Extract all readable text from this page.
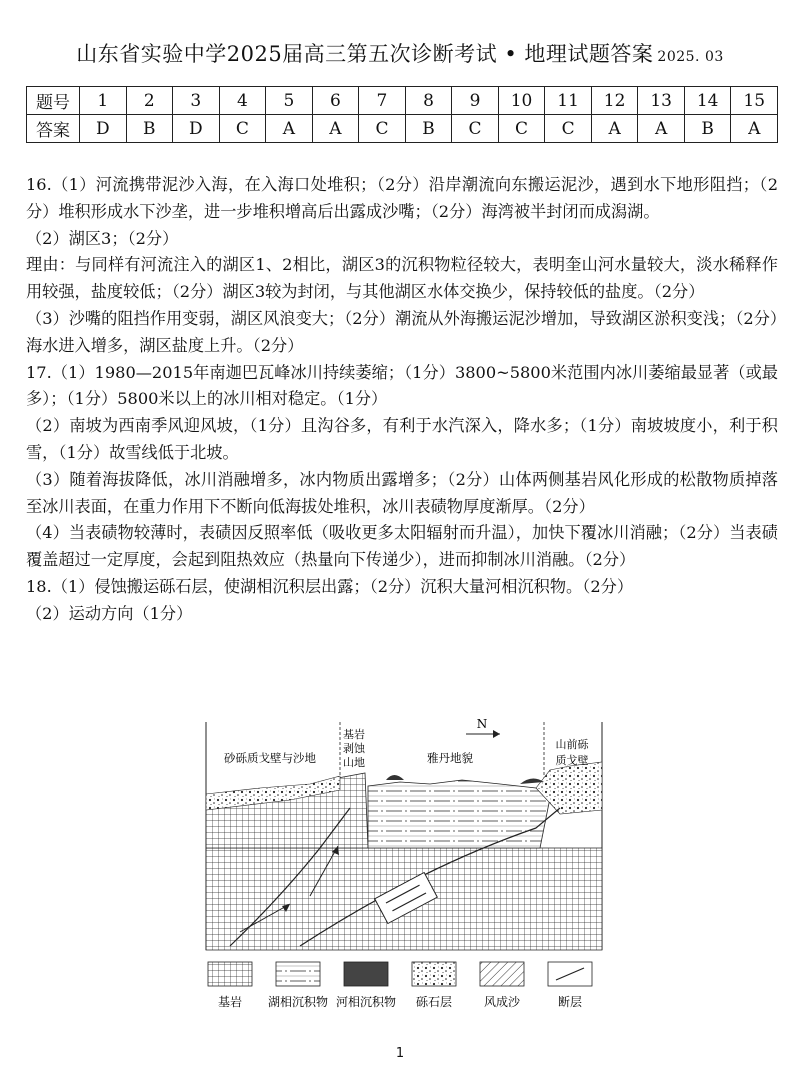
山东省实验中学2025届高三第五次诊断考试 • 地理试题答案 2025. 03
题号	1	2	3	4	5	6	7	8	9	10	11	12	13	14	15
答案	D	B	D	C	A	A	C	B	C	C	C	A	A	B	A

16.（1）河流携带泥沙入海，在入海口处堆积；（2分）沿岸潮流向东搬运泥沙，遇到水下地形阻挡；（2分）堆积形成水下沙垄，进一步堆积增高后出露成沙嘴；（2分）海湾被半封闭而成潟湖。

（2）湖区3；（2分）

理由：与同样有河流注入的湖区1、2相比，湖区3的沉积物粒径较大，表明奎山河水量较大，淡水稀释作用较强，盐度较低；（2分）湖区3较为封闭，与其他湖区水体交换少，保持较低的盐度。（2分）

（3）沙嘴的阻挡作用变弱，湖区风浪变大；（2分）潮流从外海搬运泥沙增加，导致湖区淤积变浅；（2分）海水进入增多，湖区盐度上升。（2分）

17.（1）1980—2015年南迦巴瓦峰冰川持续萎缩；（1分）3800~5800米范围内冰川萎缩最显著（或最多）；（1分）5800米以上的冰川相对稳定。（1分）

（2）南坡为西南季风迎风坡，（1分）且沟谷多，有利于水汽深入，降水多；（1分）南坡坡度小，利于积雪，（1分）故雪线低于北坡。

（3）随着海拔降低，冰川消融增多，冰内物质出露增多；（2分）山体两侧基岩风化形成的松散物质掉落至冰川表面，在重力作用下不断向低海拔处堆积，冰川表碛物厚度渐厚。（2分）

（4）当表碛物较薄时，表碛因反照率低（吸收更多太阳辐射而升温），加快下覆冰川消融；（2分）当表碛覆盖超过一定厚度，会起到阻热效应（热量向下传递少），进而抑制冰川消融。（2分）

18.（1）侵蚀搬运砾石层，使湖相沉积层出露；（2分）沉积大量河相沉积物。（2分）

（2）运动方向（1分）

N
砂砾质戈壁与沙地
基岩
剥蚀
山地	雅丹地貌
山前砾
质戈壁
基岩 湖相沉积物 河相沉积物 砾石层	风成沙	断层
1
